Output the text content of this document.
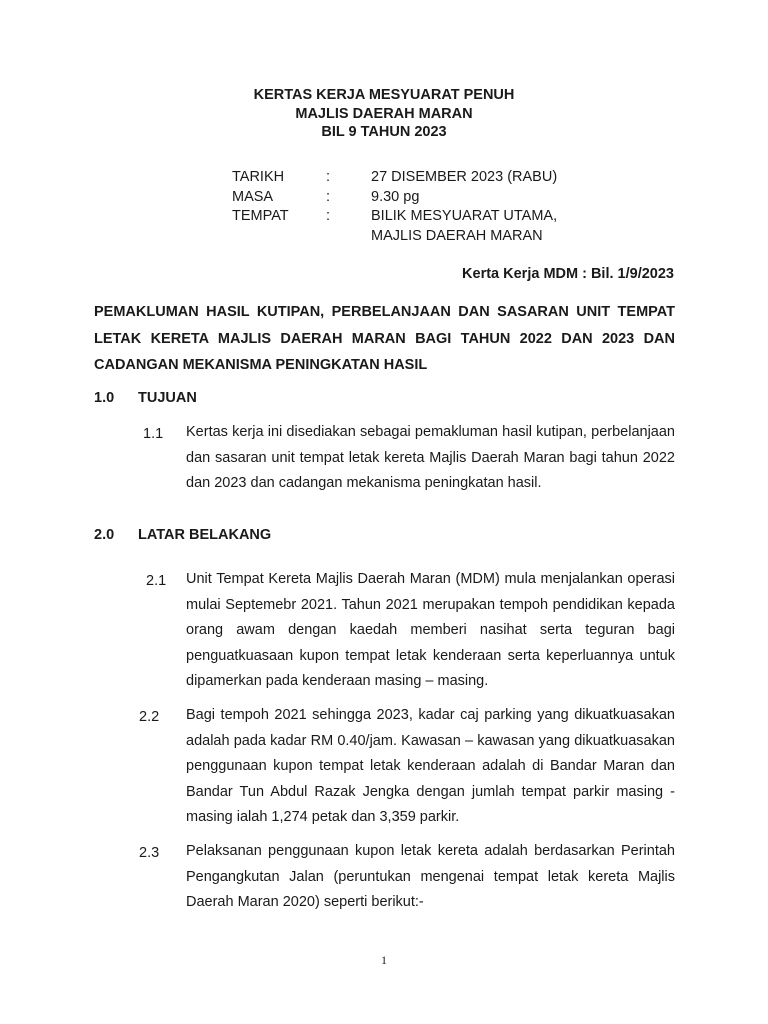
KERTAS KERJA MESYUARAT PENUH
MAJLIS DAERAH MARAN
BIL 9 TAHUN 2023
TARIKH	:	27 DISEMBER 2023 (RABU)
MASA	:	9.30 pg
TEMPAT	:	BILIK MESYUARAT UTAMA,
MAJLIS DAERAH MARAN
Kerta Kerja MDM : Bil. 1/9/2023
PEMAKLUMAN HASIL KUTIPAN, PERBELANJAAN DAN SASARAN UNIT TEMPAT LETAK KERETA MAJLIS DAERAH MARAN BAGI TAHUN 2022 DAN 2023 DAN CADANGAN MEKANISMA PENINGKATAN HASIL
1.0 TUJUAN
1.1 Kertas kerja ini disediakan sebagai pemakluman hasil kutipan, perbelanjaan dan sasaran unit tempat letak kereta Majlis Daerah Maran bagi tahun 2022 dan 2023 dan cadangan mekanisma peningkatan hasil.
2.0 LATAR BELAKANG
2.1 Unit Tempat Kereta Majlis Daerah Maran (MDM) mula menjalankan operasi mulai Septemebr 2021. Tahun 2021 merupakan tempoh pendidikan kepada orang awam dengan kaedah memberi nasihat serta teguran bagi penguatkuasaan kupon tempat letak kenderaan serta keperluannya untuk dipamerkan pada kenderaan masing – masing.
2.2 Bagi tempoh 2021 sehingga 2023, kadar caj parking yang dikuatkuasakan adalah pada kadar RM 0.40/jam. Kawasan – kawasan yang dikuatkuasakan penggunaan kupon tempat letak kenderaan adalah di Bandar Maran dan Bandar Tun Abdul Razak Jengka dengan jumlah tempat parkir masing - masing ialah 1,274 petak dan 3,359 parkir.
2.3 Pelaksanan penggunaan kupon letak kereta adalah berdasarkan Perintah Pengangkutan Jalan (peruntukan mengenai tempat letak kereta Majlis Daerah Maran 2020) seperti berikut:-
1
